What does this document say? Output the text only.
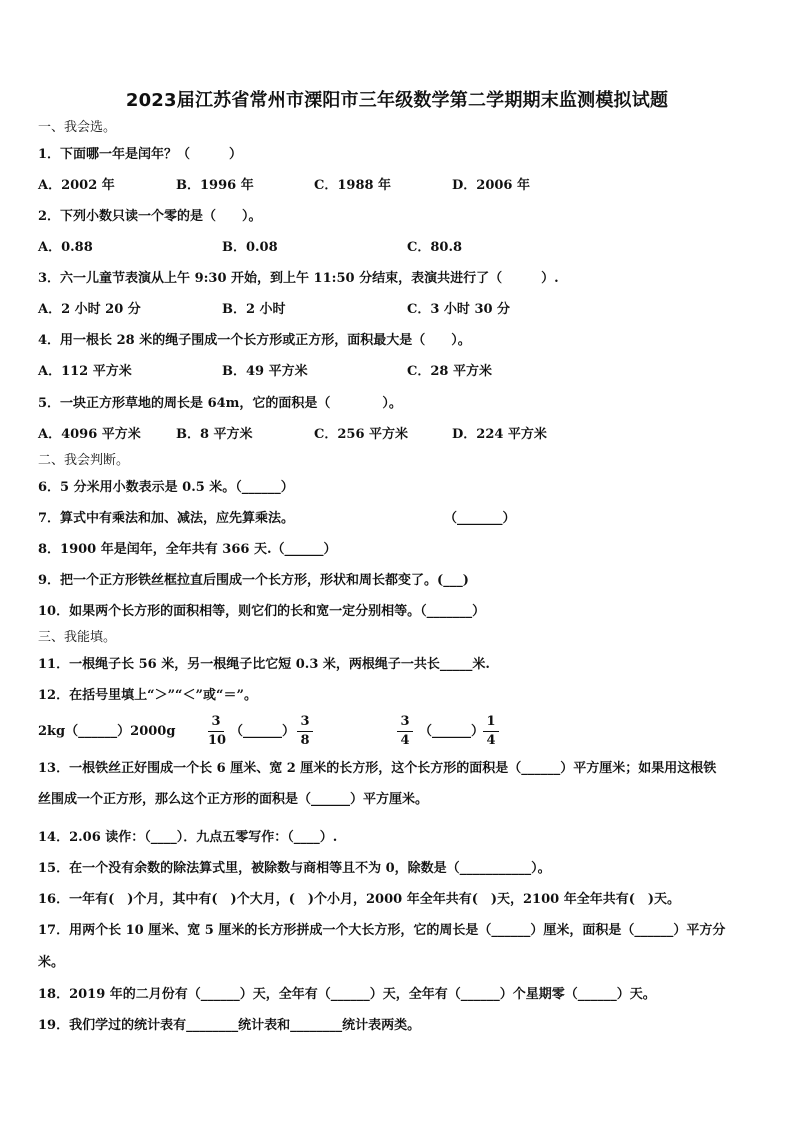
2023届江苏省常州市溧阳市三年级数学第二学期期末监测模拟试题
一、我会选。
1．下面哪一年是闰年？（　　　）
A．2002 年	B．1996 年	C．1988 年	D．2006 年
2．下列小数只读一个零的是（　　）。
A．0.88	B．0.08	C．80.8
3．六一儿童节表演从上午 9:30 开始，到上午 11:50 分结束，表演共进行了（　　　）.
A．2 小时 20 分	B．2 小时	C．3 小时 30 分
4．用一根长 28 米的绳子围成一个长方形或正方形，面积最大是（　　）。
A．112 平方米	B．49 平方米	C．28 平方米
5．一块正方形草地的周长是 64m，它的面积是（　　　　）。
A．4096 平方米	B．8 平方米	C．256 平方米	D．224 平方米
二、我会判断。
6．5 分米用小数表示是 0.5 米。（______）
7．算式中有乘法和加、减法，应先算乘法。	（_______）
8．1900 年是闰年，全年共有 366 天.（______）
9．把一个正方形铁丝框拉直后围成一个长方形，形状和周长都变了。(___)
10．如果两个长方形的面积相等，则它们的长和宽一定分别相等。（_______）
三、我能填。
11．一根绳子长 56 米，另一根绳子比它短 0.3 米，两根绳子一共长_____米.
12．在括号里填上“＞”“＜”或“＝”。
2kg（______）2000g	$\frac{3}{10}$ （______） $\frac{3}{8}$	$\frac{3}{4}$ （______）
$\frac{1}{4}$
13．一根铁丝正好围成一个长 6 厘米、宽 2 厘米的长方形，这个长方形的面积是（______）平方厘米；如果用这根铁
丝围成一个正方形，那么这个正方形的面积是（______）平方厘米。
14．2.06 读作：（____）．九点五零写作：（____）.
15．在一个没有余数的除法算式里，被除数与商相等且不为 0，除数是（___________）。
16．一年有(　)个月，其中有(　)个大月，(　)个小月，2000 年全年共有(　)天，2100 年全年共有(　)天。
17．用两个长 10 厘米、宽 5 厘米的长方形拼成一个大长方形，它的周长是（______）厘米，面积是（______）平方分
米。
18．2019 年的二月份有（______）天，全年有（______）天，全年有（______）个星期零（______）天。
19．我们学过的统计表有________统计表和________统计表两类。
